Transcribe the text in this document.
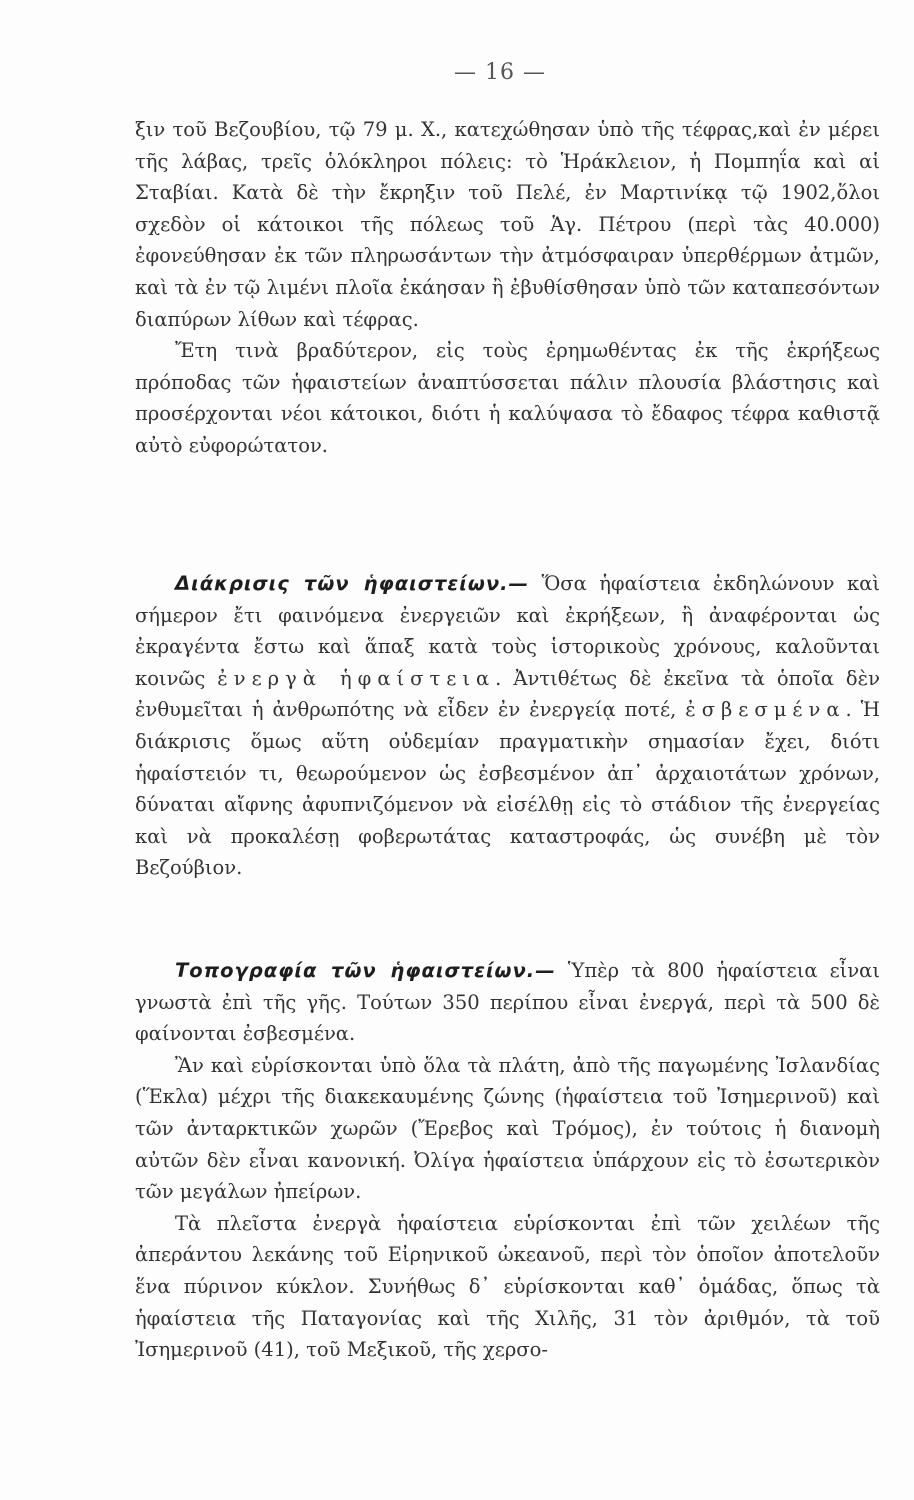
— 16 —

ξιν τοῦ Βεζουβίου, τῷ 79 μ. Χ., κατεχώθησαν ὑπὸ τῆς τέφρας,καὶ ἐν μέρει τῆς λάβας, τρεῖς ὁλόκληροι πόλεις: τὸ Ἡράκλειον, ἡ Πομπηΐα καὶ αἱ Σταβίαι. Κατὰ δὲ τὴν ἔκρηξιν τοῦ Πελέ, ἐν Μαρτινίκᾳ τῷ 1902,ὅλοι σχεδὸν οἱ κάτοικοι τῆς πόλεως τοῦ Ἁγ. Πέτρου (περὶ τὰς 40.000) ἐφονεύθησαν ἐκ τῶν πληρωσάντων τὴν ἀτμόσφαιραν ὑπερθέρμων ἀτμῶν, καὶ τὰ ἐν τῷ λιμένι πλοῖα ἐκάησαν ἢ ἐβυθίσθησαν ὑπὸ τῶν καταπεσόντων διαπύρων λίθων καὶ τέφρας.

Ἔτη τινὰ βραδύτερον, εἰς τοὺς ἐρημωθέντας ἐκ τῆς ἐκρήξεως πρόποδας τῶν ἡφαιστείων ἀναπτύσσεται πάλιν πλουσία βλάστησις καὶ προσέρχονται νέοι κάτοικοι, διότι ἡ καλύψασα τὸ ἔδαφος τέφρα καθιστᾷ αὐτὸ εὐφορώτατον.

Διάκρισις τῶν ἡφαιστείων.— Ὅσα ἡφαίστεια ἐκδηλώνουν καὶ σήμερον ἔτι φαινόμενα ἐνεργειῶν καὶ ἐκρήξεων, ἢ ἀναφέρονται ὡς ἐκραγέντα ἔστω καὶ ἅπαξ κατὰ τοὺς ἱστορικοὺς χρόνους, καλοῦνται κοινῶς ἐνεργὰ ἡφαίστεια. Ἀντιθέτως δὲ ἐκεῖνα τὰ ὁποῖα δὲν ἐνθυμεῖται ἡ ἀνθρωπότης νὰ εἶδεν ἐν ἐνεργείᾳ ποτέ, ἐσβεσμένα. Ἡ διάκρισις ὅμως αὕτη οὐδεμίαν πραγματικὴν σημασίαν ἔχει, διότι ἡφαίστειόν τι, θεωρούμενον ὡς ἐσβεσμένον ἀπ᾽ ἀρχαιοτάτων χρόνων, δύναται αἴφνης ἀφυπνιζόμενον νὰ εἰσέλθῃ εἰς τὸ στάδιον τῆς ἐνεργείας καὶ νὰ προκαλέσῃ φοβερωτάτας καταστροφάς, ὡς συνέβη μὲ τὸν Βεζούβιον.

Τοπογραφία τῶν ἡφαιστείων.— Ὑπὲρ τὰ 800 ἡφαίστεια εἶναι γνωστὰ ἐπὶ τῆς γῆς. Τούτων 350 περίπου εἶναι ἐνεργά, περὶ τὰ 500 δὲ φαίνονται ἐσβεσμένα.

Ἂν καὶ εὑρίσκονται ὑπὸ ὅλα τὰ πλάτη, ἀπὸ τῆς παγωμένης Ἰσλανδίας (Ἕκλα) μέχρι τῆς διακεκαυμένης ζώνης (ἡφαίστεια τοῦ Ἰσημερινοῦ) καὶ τῶν ἀνταρκτικῶν χωρῶν (Ἔρεβος καὶ Τρόμος), ἐν τούτοις ἡ διανομὴ αὐτῶν δὲν εἶναι κανονική. Ὀλίγα ἡφαίστεια ὑπάρχουν εἰς τὸ ἐσωτερικὸν τῶν μεγάλων ἠπείρων.

Τὰ πλεῖστα ἐνεργὰ ἡφαίστεια εὑρίσκονται ἐπὶ τῶν χειλέων τῆς ἀπεράντου λεκάνης τοῦ Εἰρηνικοῦ ὠκεανοῦ, περὶ τὸν ὁποῖον ἀποτελοῦν ἕνα πύρινον κύκλον. Συνήθως δ᾽ εὑρίσκονται καθ᾽ ὁμάδας, ὅπως τὰ ἡφαίστεια τῆς Παταγονίας καὶ τῆς Χιλῆς, 31 τὸν ἀριθμόν, τὰ τοῦ Ἰσημερινοῦ (41), τοῦ Μεξικοῦ, τῆς χερσο-
